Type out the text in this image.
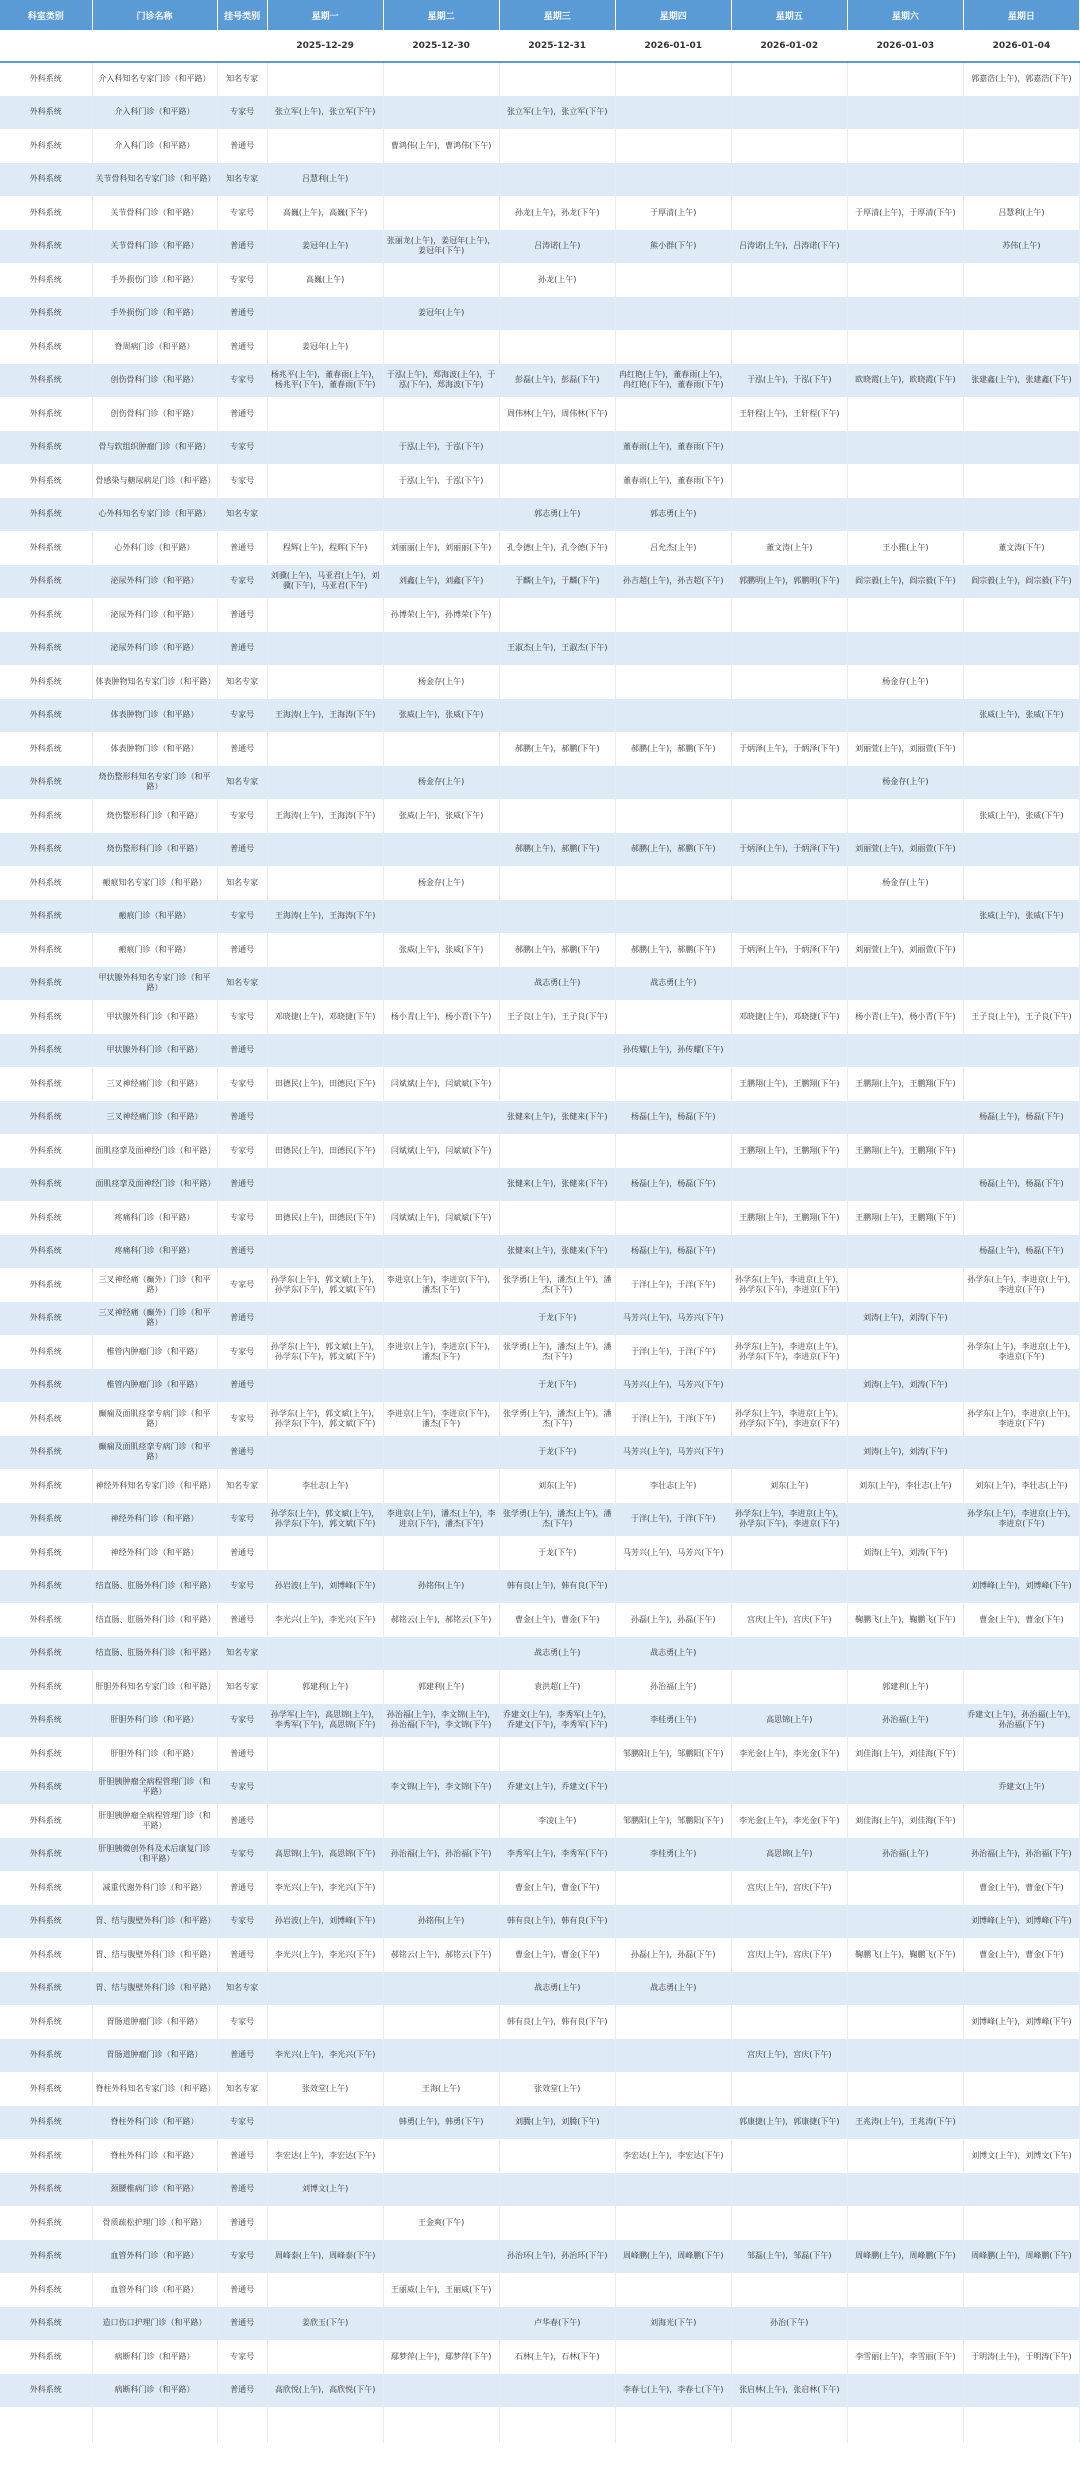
科室类别	门诊名称	挂号类别	星期一	星期二	星期三	星期四	星期五	星期六	星期日
			2025-12-29	2025-12-30	2025-12-31	2026-01-01	2026-01-02	2026-01-03	2026-01-04
外科系统	介入科知名专家门诊（和平路）	知名专家							郭嘉浩(上午)，郭嘉浩(下午)
外科系统	介入科门诊（和平路）	专家号	张立军(上午)，张立军(下午)		张立军(上午)，张立军(下午)				
外科系统	介入科门诊（和平路）	普通号		曹鸿伟(上午)，曹鸿伟(下午)					
外科系统	关节骨科知名专家门诊（和平路）	知名专家	吕慧利(上午)						
外科系统	关节骨科门诊（和平路）	专家号	高巍(上午)，高巍(下午)		孙龙(上午)，孙龙(下午)	于厚清(上午)		于厚清(上午)，于厚清(下午)	吕慧利(上午)
外科系统	关节骨科门诊（和平路）	普通号	姜冠年(上午)	张丽龙(上午)，姜冠年(上午)，姜冠年(下午)	吕涛诺(上午)	熊小群(下午)	吕涛诺(上午)，吕涛诺(下午)		苏伟(上午)
外科系统	手外损伤门诊（和平路）	专家号	高巍(上午)		孙龙(上午)				
外科系统	手外损伤门诊（和平路）	普通号		姜冠年(上午)					
外科系统	脊周病门诊（和平路）	普通号	姜冠年(上午)						
外科系统	创伤骨科门诊（和平路）	专家号	杨兆平(上午)，董春雨(上午)，杨兆平(下午)，董春雨(下午)	于泓(上午)，郑海波(上午)，于泓(下午)，郑海波(下午)	彭磊(上午)，彭磊(下午)	冉红艳(上午)，董春雨(上午)，冉红艳(下午)，董春雨(下午)	于泓(上午)，于泓(下午)	欧晓霞(上午)，欧晓霞(下午)	张建鑫(上午)，张建鑫(下午)
外科系统	创伤骨科门诊（和平路）	普通号			周伟林(上午)，周伟林(下午)		王轩程(上午)，王轩程(下午)		
外科系统	骨与软组织肿瘤门诊（和平路）	专家号		于泓(上午)，于泓(下午)		董春雨(上午)，董春雨(下午)			
外科系统	骨感染与糖尿病足门诊（和平路）	专家号		于泓(上午)，于泓(下午)		董春雨(上午)，董春雨(下午)			
外科系统	心外科知名专家门诊（和平路）	知名专家			郭志勇(上午)	郭志勇(上午)			
外科系统	心外科门诊（和平路）	普通号	程辉(上午)，程辉(下午)	刘丽丽(上午)，刘丽丽(下午)	孔令德(上午)，孔令德(下午)	吕允杰(上午)	董文涛(上午)	王小雅(上午)	董文涛(下午)
外科系统	泌尿外科门诊（和平路）	专家号	刘骥(上午)，马亚君(上午)，刘骥(下午)，马亚君(下午)	刘鑫(上午)，刘鑫(下午)	于麟(上午)，于麟(下午)	孙吉超(上午)，孙吉超(下午)	郭鹏明(上午)，郭鹏明(下午)	阎宗毅(上午)，阎宗毅(下午)	阎宗毅(上午)，阎宗毅(下午)
外科系统	泌尿外科门诊（和平路）	普通号		孙博荣(上午)，孙博荣(下午)					
外科系统	泌尿外科门诊（和平路）	普通号			王淑杰(上午)，王淑杰(下午)				
外科系统	体表肿物知名专家门诊（和平路）	知名专家		杨金存(上午)				杨金存(上午)	
外科系统	体表肿物门诊（和平路）	专家号	王海涛(上午)，王海涛(下午)	张威(上午)，张威(下午)					张威(上午)，张威(下午)
外科系统	体表肿物门诊（和平路）	普通号			郝鹏(上午)，郝鹏(下午)	郝鹏(上午)，郝鹏(下午)	于炳泽(上午)，于炳泽(下午)	刘丽萱(上午)，刘丽萱(下午)	
外科系统	烧伤整形科知名专家门诊（和平路）	知名专家		杨金存(上午)				杨金存(上午)	
外科系统	烧伤整形科门诊（和平路）	专家号	王海涛(上午)，王海涛(下午)	张威(上午)，张威(下午)					张威(上午)，张威(下午)
外科系统	烧伤整形科门诊（和平路）	普通号			郝鹏(上午)，郝鹏(下午)	郝鹏(上午)，郝鹏(下午)	于炳泽(上午)，于炳泽(下午)	刘丽萱(上午)，刘丽萱(下午)	
外科系统	瘢痕知名专家门诊（和平路）	知名专家		杨金存(上午)				杨金存(上午)	
外科系统	瘢痕门诊（和平路）	专家号	王海涛(上午)，王海涛(下午)						张威(上午)，张威(下午)
外科系统	瘢痕门诊（和平路）	普通号		张威(上午)，张威(下午)	郝鹏(上午)，郝鹏(下午)	郝鹏(上午)，郝鹏(下午)	于炳泽(上午)，于炳泽(下午)	刘丽萱(上午)，刘丽萱(下午)	
外科系统	甲状腺外科知名专家门诊（和平路）	知名专家			战志勇(上午)	战志勇(上午)			
外科系统	甲状腺外科门诊（和平路）	专家号	邓晓捷(上午)，邓晓捷(下午)	杨小青(上午)，杨小青(下午)	王子良(上午)，王子良(下午)		邓晓捷(上午)，邓晓捷(下午)	杨小青(上午)，杨小青(下午)	王子良(上午)，王子良(下午)
外科系统	甲状腺外科门诊（和平路）	普通号				孙传耀(上午)，孙传耀(下午)			
外科系统	三叉神经痛门诊（和平路）	专家号	田德民(上午)，田德民(下午)	闫斌斌(上午)，闫斌斌(下午)			王鹏翔(上午)，王鹏翔(下午)	王鹏翔(上午)，王鹏翔(下午)	
外科系统	三叉神经痛门诊（和平路）	普通号			张健来(上午)，张健来(下午)	杨磊(上午)，杨磊(下午)			杨磊(上午)，杨磊(下午)
外科系统	面肌痉挛及面神经门诊（和平路）	专家号	田德民(上午)，田德民(下午)	闫斌斌(上午)，闫斌斌(下午)			王鹏翔(上午)，王鹏翔(下午)	王鹏翔(上午)，王鹏翔(下午)	
外科系统	面肌痉挛及面神经门诊（和平路）	普通号			张健来(上午)，张健来(下午)	杨磊(上午)，杨磊(下午)			杨磊(上午)，杨磊(下午)
外科系统	疼痛科门诊（和平路）	专家号	田德民(上午)，田德民(下午)	闫斌斌(上午)，闫斌斌(下午)			王鹏翔(上午)，王鹏翔(下午)	王鹏翔(上午)，王鹏翔(下午)	
外科系统	疼痛科门诊（和平路）	普通号			张健来(上午)，张健来(下午)	杨磊(上午)，杨磊(下午)			杨磊(上午)，杨磊(下午)
外科系统	三叉神经痛（癫外）门诊（和平路）	专家号	孙学东(上午)，郭文斌(上午)，孙学东(下午)，郭文斌(下午)	李进京(上午)，李进京(下午)，潘杰(下午)	张学勇(上午)，潘杰(上午)，潘杰(下午)	于洋(上午)，于洋(下午)	孙学东(上午)，李进京(上午)，孙学东(下午)，李进京(下午)		孙学东(上午)，李进京(上午)，李进京(下午)
外科系统	三叉神经痛（癫外）门诊（和平路）	普通号			于龙(下午)	马芳兴(上午)，马芳兴(下午)		刘涛(上午)，刘涛(下午)	
外科系统	椎管内肿瘤门诊（和平路）	专家号	孙学东(上午)，郭文斌(上午)，孙学东(下午)，郭文斌(下午)	李进京(上午)，李进京(下午)，潘杰(下午)	张学勇(上午)，潘杰(上午)，潘杰(下午)	于洋(上午)，于洋(下午)	孙学东(上午)，李进京(上午)，孙学东(下午)，李进京(下午)		孙学东(上午)，李进京(上午)，李进京(下午)
外科系统	椎管内肿瘤门诊（和平路）	普通号			于龙(下午)	马芳兴(上午)，马芳兴(下午)		刘涛(上午)，刘涛(下午)	
外科系统	癫痫及面肌痉挛专病门诊（和平路）	专家号	孙学东(上午)，郭文斌(上午)，孙学东(下午)，郭文斌(下午)	李进京(上午)，李进京(下午)，潘杰(下午)	张学勇(上午)，潘杰(上午)，潘杰(下午)	于洋(上午)，于洋(下午)	孙学东(上午)，李进京(上午)，孙学东(下午)，李进京(下午)		孙学东(上午)，李进京(上午)，李进京(下午)
外科系统	癫痫及面肌痉挛专病门诊（和平路）	普通号			于龙(下午)	马芳兴(上午)，马芳兴(下午)		刘涛(上午)，刘涛(下午)	
外科系统	神经外科知名专家门诊（和平路）	知名专家	李壮志(上午)		刘东(上午)	李壮志(上午)	刘东(上午)	刘东(上午)，李壮志(上午)	刘东(上午)，李壮志(上午)
外科系统	神经外科门诊（和平路）	专家号	孙学东(上午)，郭文斌(上午)，孙学东(下午)，郭文斌(下午)	李进京(上午)，潘杰(上午)，李进京(下午)，潘杰(下午)	张学勇(上午)，潘杰(上午)，潘杰(下午)	于洋(上午)，于洋(下午)	孙学东(上午)，李进京(上午)，孙学东(下午)，李进京(下午)		孙学东(上午)，李进京(上午)，李进京(下午)
外科系统	神经外科门诊（和平路）	普通号			于龙(下午)	马芳兴(上午)，马芳兴(下午)		刘涛(上午)，刘涛(下午)	
外科系统	结直肠、肛肠外科门诊（和平路）	专家号	孙岩波(上午)，刘博峰(下午)	孙铭伟(上午)	韩有良(上午)，韩有良(下午)				刘博峰(上午)，刘博峰(下午)
外科系统	结直肠、肛肠外科门诊（和平路）	普通号	李光兴(上午)，李光兴(下午)	郝铭云(上午)，郝铭云(下午)	曹金(上午)，曹金(下午)	孙磊(上午)，孙磊(下午)	宫庆(上午)，宫庆(下午)	鞠鹏飞(上午)，鞠鹏飞(下午)	曹金(上午)，曹金(下午)
外科系统	结直肠、肛肠外科门诊（和平路）	知名专家			战志勇(上午)	战志勇(上午)			
外科系统	肝胆外科知名专家门诊（和平路）	知名专家	郭建利(上午)	郭建利(上午)	袁洪超(上午)	孙治福(上午)		郭建利(上午)	
外科系统	肝胆外科门诊（和平路）	专家号	孙学军(上午)，高思锦(上午)，李秀军(下午)，高思锦(下午)	孙治福(上午)，李文锦(上午)，孙治福(下午)，李文锦(下午)	乔建文(上午)，李秀军(上午)，乔建文(下午)，李秀军(下午)	李桂勇(上午)	高思锦(上午)	孙治福(上午)	乔建文(上午)，孙治福(上午)，孙治福(下午)
外科系统	肝胆外科门诊（和平路）	普通号				邹鹏阳(上午)，邹鹏阳(下午)	李光金(上午)，李光金(下午)	刘佳海(上午)，刘佳海(下午)	
外科系统	肝胆胰肿瘤全病程管理门诊（和平路）	专家号		李文锦(上午)，李文锦(下午)	乔建文(上午)，乔建文(下午)				乔建文(上午)
外科系统	肝胆胰肿瘤全病程管理门诊（和平路）	普通号			李凌(上午)	邹鹏阳(上午)，邹鹏阳(下午)	李光金(上午)，李光金(下午)	刘佳海(上午)，刘佳海(下午)	
外科系统	肝胆胰微创外科及术后康复门诊（和平路）	专家号	高思锦(上午)，高思锦(下午)	孙治福(上午)，孙治福(下午)	李秀军(上午)，李秀军(下午)	李桂勇(上午)	高思锦(上午)	孙治福(上午)	孙治福(上午)，孙治福(下午)
外科系统	减重代谢外科门诊（和平路）	普通号	李光兴(上午)，李光兴(下午)		曹金(上午)，曹金(下午)		宫庆(上午)，宫庆(下午)		曹金(上午)，曹金(下午)
外科系统	胃、结与腹壁外科门诊（和平路）	专家号	孙岩波(上午)，刘博峰(下午)	孙铭伟(上午)	韩有良(上午)，韩有良(下午)				刘博峰(上午)，刘博峰(下午)
外科系统	胃、结与腹壁外科门诊（和平路）	普通号	李光兴(上午)，李光兴(下午)	郝铭云(上午)，郝铭云(下午)	曹金(上午)，曹金(下午)	孙磊(上午)，孙磊(下午)	宫庆(上午)，宫庆(下午)	鞠鹏飞(上午)，鞠鹏飞(下午)	曹金(上午)，曹金(下午)
外科系统	胃、结与腹壁外科门诊（和平路）	知名专家			战志勇(上午)	战志勇(上午)			
外科系统	胃肠道肿瘤门诊（和平路）	专家号			韩有良(上午)，韩有良(下午)				刘博峰(上午)，刘博峰(下午)
外科系统	胃肠道肿瘤门诊（和平路）	普通号	李光兴(上午)，李光兴(下午)				宫庆(上午)，宫庆(下午)		
外科系统	脊柱外科知名专家门诊（和平路）	知名专家	张效堂(上午)	王海(上午)	张效堂(上午)				
外科系统	脊柱外科门诊（和平路）	专家号		韩勇(上午)，韩勇(下午)	刘腾(上午)，刘腾(下午)		郭康捷(上午)，郭康捷(下午)	王兆涛(上午)，王兆涛(下午)	
外科系统	脊柱外科门诊（和平路）	普通号	李宏达(上午)，李宏达(下午)			李宏达(上午)，李宏达(下午)			刘博文(上午)，刘博文(下午)
外科系统	颈腰椎病门诊（和平路）	普通号	刘博文(上午)						
外科系统	骨质疏松护理门诊（和平路）	普通号		王金爽(下午)					
外科系统	血管外科门诊（和平路）	专家号	周峰泰(上午)，周峰泰(下午)		孙治环(上午)，孙治环(下午)	周峰鹏(上午)，周峰鹏(下午)	邹磊(上午)，邹磊(下午)	周峰鹏(上午)，周峰鹏(下午)	周峰鹏(上午)，周峰鹏(下午)
外科系统	血管外科门诊（和平路）	普通号		王丽威(上午)，王丽威(下午)					
外科系统	造口伤口护理门诊（和平路）	普通号	姜欣玉(下午)		卢华春(下午)	刘海光(下午)	孙治(下午)		
外科系统	病断科门诊（和平路）	专家号		鄢梦萍(上午)，鄢梦萍(下午)	石林(上午)，石林(下午)			李雪丽(上午)，李雪丽(下午)	于明涛(上午)，于明涛(下午)
外科系统	病断科门诊（和平路）	普通号	高欣悦(上午)，高欣悦(下午)			李春七(上午)，李春七(下午)	张启林(上午)，张启林(下午)		
